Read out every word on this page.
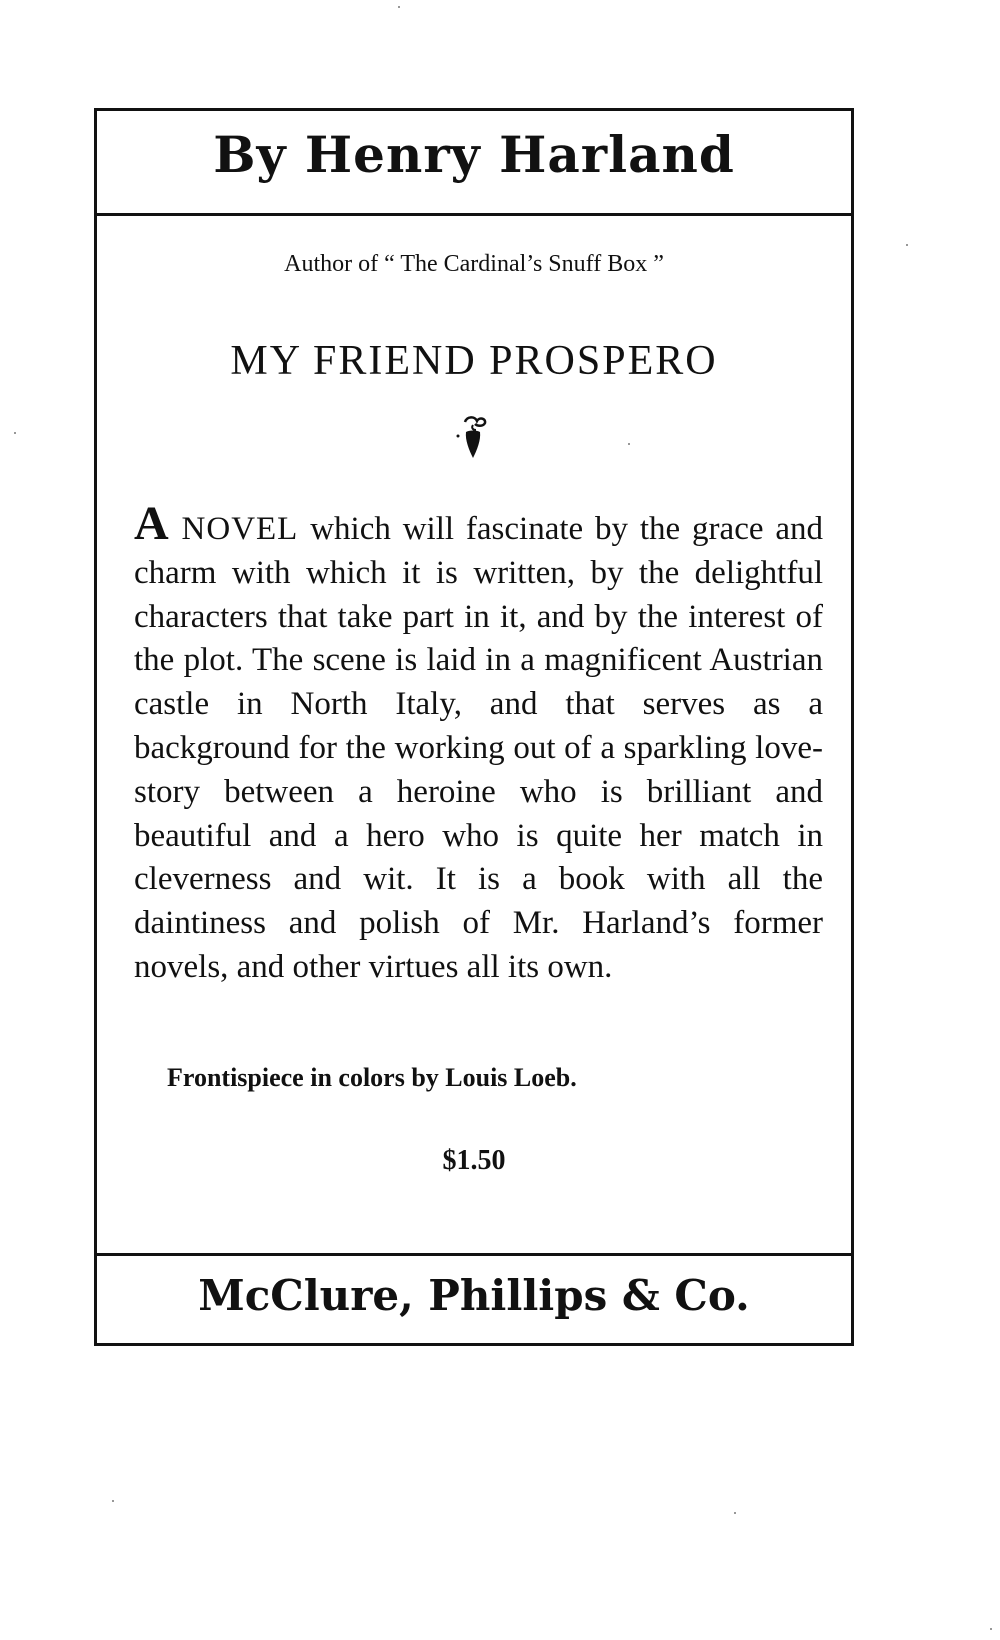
By Henry Harland
Author of “ The Cardinal’s Snuff Box ”
MY FRIEND PROSPERO

A NOVEL which will fascinate by the grace and charm with which it is written, by the delightful characters that take part in it, and by the interest of the plot. The scene is laid in a magnificent Austrian castle in North Italy, and that serves as a background for the working out of a sparkling love-story between a heroine who is brilliant and beautiful and a hero who is quite her match in cleverness and wit. It is a book with all the daintiness and polish of Mr. Harland’s former novels, and other virtues all its own.

Frontispiece in colors by Louis Loeb.
$1.50
McClure, Phillips & Co.
